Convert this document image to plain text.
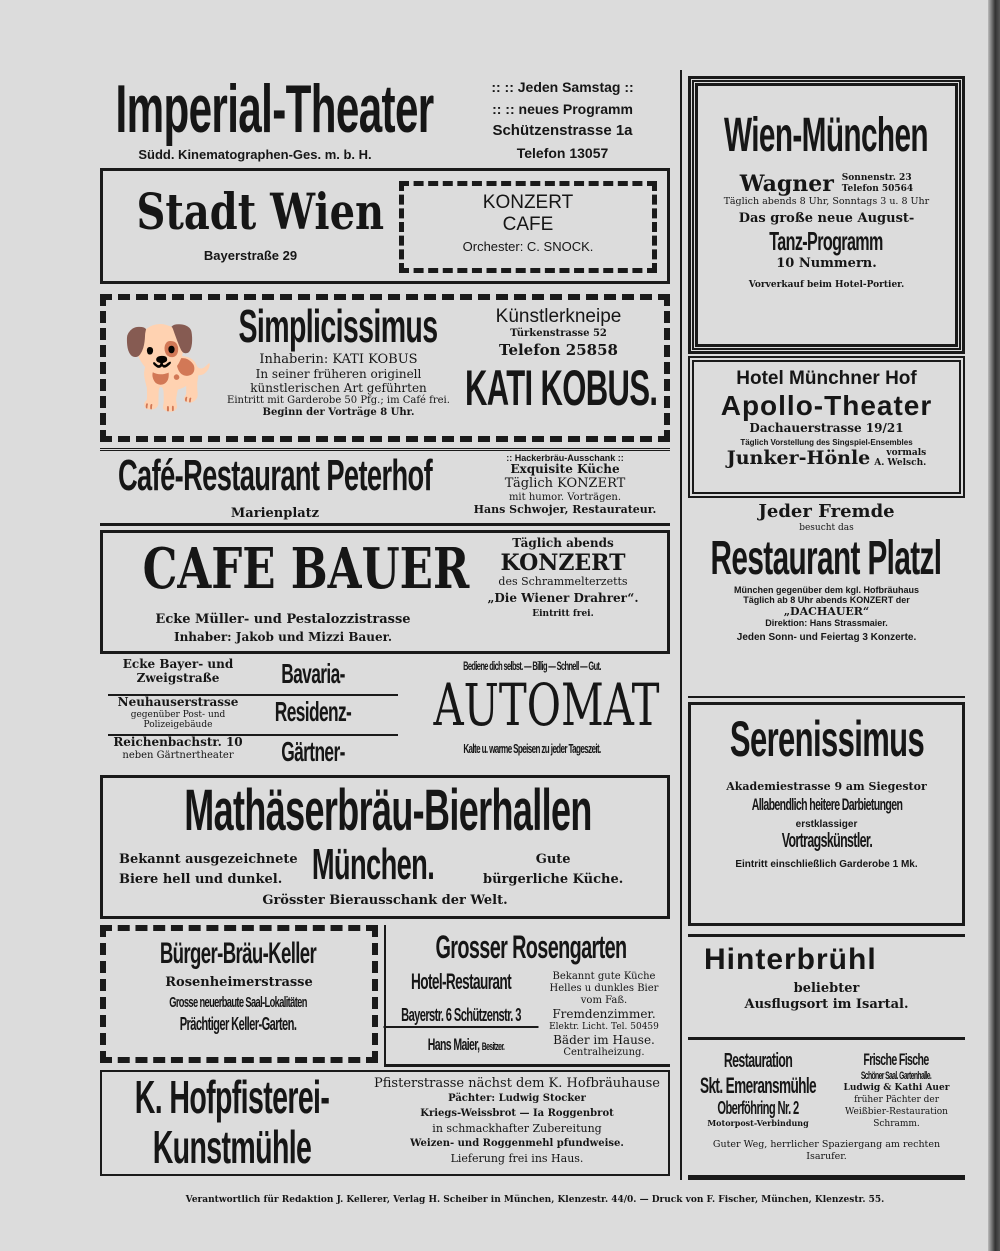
Imperial-Theater
Südd. Kinematographen-Ges. m. b. H.
:: :: Jeden Samstag ::
:: :: neues Programm
Schützenstrasse 1a
Telefon 13057
Stadt Wien
Bayerstraße 29
KONZERT
CAFE
Orchester: C. SNOCK.
🐕 Simplicissimus
Inhaberin: KATI KOBUS
In seiner früheren originell
künstlerischen Art geführten
Eintritt mit Garderobe 50 Pfg.; im Café frei.
Beginn der Vorträge 8 Uhr.
Künstlerkneipe
Türkenstrasse 52
Telefon 25858
KATI KOBUS.
Café-Restaurant Peterhof
Marienplatz
:: Hackerbräu-Ausschank ::
Exquisite Küche
Täglich KONZERT
mit humor. Vorträgen.
Hans Schwojer, Restaurateur.
CAFE BAUER
Ecke Müller- und Pestalozzistrasse
Inhaber: Jakob und Mizzi Bauer.
Täglich abends
KONZERT
des Schrammelterzetts
„Die Wiener Drahrer“.
Eintritt frei.
Ecke Bayer- und
Zweigstraße	Bavaria-
Neuhauserstrasse
gegenüber Post- und Polizeigebäude	Residenz-
Reichenbachstr. 10
neben Gärtnertheater	Gärtner-
Bediene dich selbst. — Billig — Schnell — Gut.
AUTOMAT
Kalte u. warme Speisen zu jeder Tageszeit.
Mathäserbräu-Bierhallen
Bekannt ausgezeichnete
Biere hell und dunkel. München.	Gute
bürgerliche Küche.
Grösster Bierausschank der Welt.
Bürger-Bräu-Keller
Rosenheimerstrasse
Grosse neuerbaute Saal-Lokalitäten
Prächtiger Keller-Garten.
Grosser Rosengarten
Hotel-Restaurant
Bayerstr. 6 Schützenstr. 3
Hans Maier, Besitzer.
Bekannt gute Küche
Helles u dunkles Bier
vom Faß.
Fremdenzimmer.
Elektr. Licht. Tel. 50459
Bäder im Hause.
Centralheizung.
K. Hofpfisterei-
Kunstmühle
Pfisterstrasse nächst dem K. Hofbräuhause
Pächter: Ludwig Stocker
Kriegs-Weissbrot — Ia Roggenbrot
in schmackhafter Zubereitung
Weizen- und Roggenmehl pfundweise.
Lieferung frei ins Haus.
Wien-München
Wagner Sonnenstr. 23
Telefon 50564
Täglich abends 8 Uhr, Sonntags 3 u. 8 Uhr
Das große neue August-
Tanz-Programm
10 Nummern.
Vorverkauf beim Hotel-Portier.
Hotel Münchner Hof
Apollo-Theater
Dachauerstrasse 19/21
Täglich Vorstellung des Singspiel-Ensembles
Junker-Hönle	vormals
A. Welsch.
Jeder Fremde
besucht das
Restaurant Platzl
München gegenüber dem kgl. Hofbräuhaus
Täglich ab 8 Uhr abends KONZERT der
„DACHAUER“
Direktion: Hans Strassmaier.
Jeden Sonn- und Feiertag 3 Konzerte.
Serenissimus
Akademiestrasse 9 am Siegestor
Allabendlich heitere Darbietungen
erstklassiger
Vortragskünstler.
Eintritt einschließlich Garderobe 1 Mk.
Hinterbrühl
beliebter
Ausflugsort im Isartal.
Restauration
Skt. Emeransmühle
Oberföhring Nr. 2
Motorpost-Verbindung
Frische Fische
Schöner Saal. Gartenhalle.
Ludwig & Kathi Auer
früher Pächter der
Weißbier-Restauration
Schramm.
Guter Weg, herrlicher Spaziergang am rechten
Isarufer.
Verantwortlich für Redaktion J. Kellerer, Verlag H. Scheiber in München, Klenzestr. 44/0. — Druck von F. Fischer, München, Klenzestr. 55.
